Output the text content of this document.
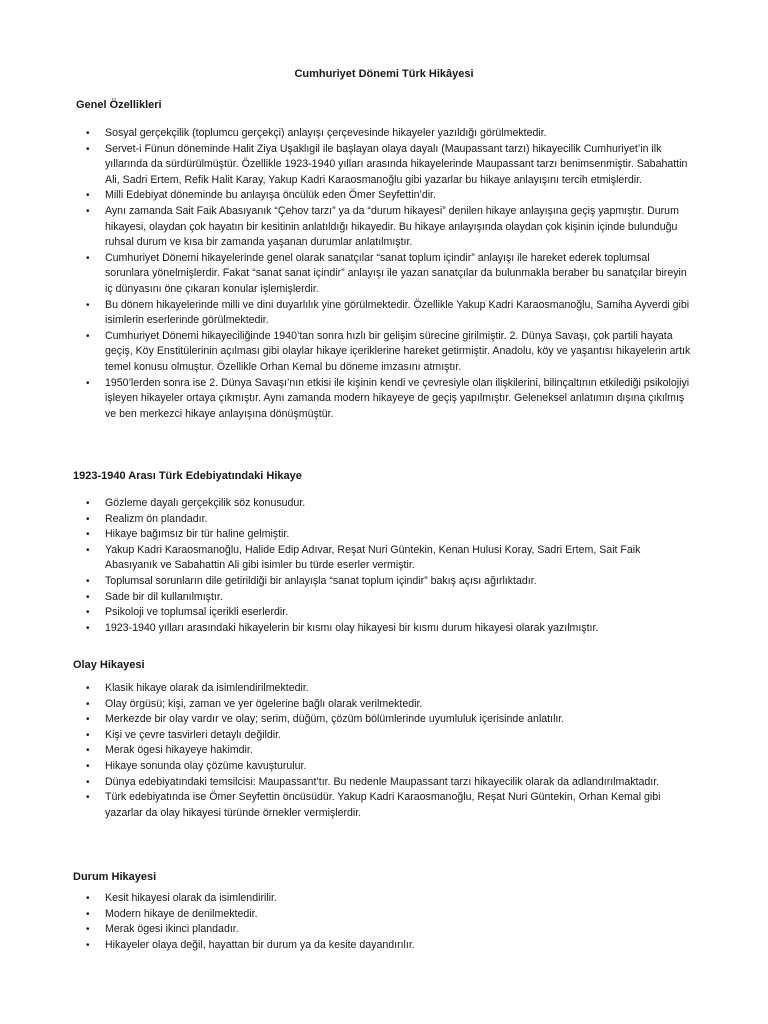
Cumhuriyet Dönemi Türk Hikâyesi
Genel Özellikleri
• Sosyal gerçekçilik (toplumcu gerçekçi) anlayışı çerçevesinde hikayeler yazıldığı görülmektedir.
• Servet-i Fünun döneminde Halit Ziya Uşaklıgil ile başlayan olaya dayalı (Maupassant tarzı) hikayecilik Cumhuriyet’in ilk yıllarında da sürdürülmüştür. Özellikle 1923-1940 yılları arasında hikayelerinde Maupassant tarzı benimsenmiştir. Sabahattin Ali, Sadri Ertem, Refik Halit Karay, Yakup Kadri Karaosmanoğlu gibi yazarlar bu hikaye anlayışını tercih etmişlerdir.
• Milli Edebiyat döneminde bu anlayışa öncülük eden Ömer Seyfettin’dir.
• Aynı zamanda Sait Faik Abasıyanık “Çehov tarzı” ya da “durum hikayesi” denilen hikaye anlayışına geçiş yapmıştır. Durum hikayesi, olaydan çok hayatın bir kesitinin anlatıldığı hikayedir. Bu hikaye anlayışında olaydan çok kişinin içinde bulunduğu ruhsal durum ve kısa bir zamanda yaşanan durumlar anlatılmıştır.
• Cumhuriyet Dönemi hikayelerinde genel olarak sanatçılar “sanat toplum içindir” anlayışı ile hareket ederek toplumsal sorunlara yönelmişlerdir. Fakat “sanat sanat içindir” anlayışı ile yazan sanatçılar da bulunmakla beraber bu sanatçılar bireyin iç dünyasını öne çıkaran konular işlemişlerdir.
• Bu dönem hikayelerinde milli ve dini duyarlılık yine görülmektedir. Özellikle Yakup Kadri Karaosmanoğlu, Samiha Ayverdi gibi isimlerin eserlerinde görülmektedir.
• Cumhuriyet Dönemi hikayeciliğinde 1940’tan sonra hızlı bir gelişim sürecine girilmiştir. 2. Dünya Savaşı, çok partili hayata geçiş, Köy Enstitülerinin açılması gibi olaylar hikaye içeriklerine hareket getirmiştir. Anadolu, köy ve yaşantısı hikayelerin artık temel konusu olmuştur. Özellikle Orhan Kemal bu döneme imzasını atmıştır.
• 1950’lerden sonra ise 2. Dünya Savaşı’nın etkisi ile kişinin kendi ve çevresiyle olan ilişkilerini, bilinçaltının etkilediği psikolojiyi işleyen hikayeler ortaya çıkmıştır. Aynı zamanda modern hikayeye de geçiş yapılmıştır. Geleneksel anlatımın dışına çıkılmış ve ben merkezci hikaye anlayışına dönüşmüştür.
1923-1940 Arası Türk Edebiyatındaki Hikaye
• Gözleme dayalı gerçekçilik söz konusudur.
• Realizm ön plandadır.
• Hikaye bağımsız bir tür haline gelmiştir.
• Yakup Kadri Karaosmanoğlu, Halide Edip Adıvar, Reşat Nuri Güntekin, Kenan Hulusi Koray, Sadri Ertem, Sait Faik Abasıyanık ve Sabahattin Ali gibi isimler bu türde eserler vermiştir.
• Toplumsal sorunların dile getirildiği bir anlayışla “sanat toplum içindir” bakış açısı ağırlıktadır.
• Sade bir dil kullanılmıştır.
• Psikoloji ve toplumsal içerikli eserlerdir.
• 1923-1940 yılları arasındaki hikayelerin bir kısmı olay hikayesi bir kısmı durum hikayesi olarak yazılmıştır.
Olay Hikayesi
• Klasik hikaye olarak da isimlendirilmektedir.
• Olay örgüsü; kişi, zaman ve yer ögelerine bağlı olarak verilmektedir.
• Merkezde bir olay vardır ve olay; serim, düğüm, çözüm bölümlerinde uyumluluk içerisinde anlatılır.
• Kişi ve çevre tasvirleri detaylı değildir.
• Merak ögesi hikayeye hakimdir.
• Hikaye sonunda olay çözüme kavuşturulur.
• Dünya edebiyatındaki temsilcisi: Maupassant’tır. Bu nedenle Maupassant tarzı hikayecilik olarak da adlandırılmaktadır.
• Türk edebiyatında ise Ömer Seyfettin öncüsüdür. Yakup Kadri Karaosmanoğlu, Reşat Nuri Güntekin, Orhan Kemal gibi yazarlar da olay hikayesi türünde örnekler vermişlerdir.
Durum Hikayesi
• Kesit hikayesi olarak da isimlendirilir.
• Modern hikaye de denilmektedir.
• Merak ögesi ikinci plandadır.
• Hikayeler olaya değil, hayattan bir durum ya da kesite dayandırılır.
